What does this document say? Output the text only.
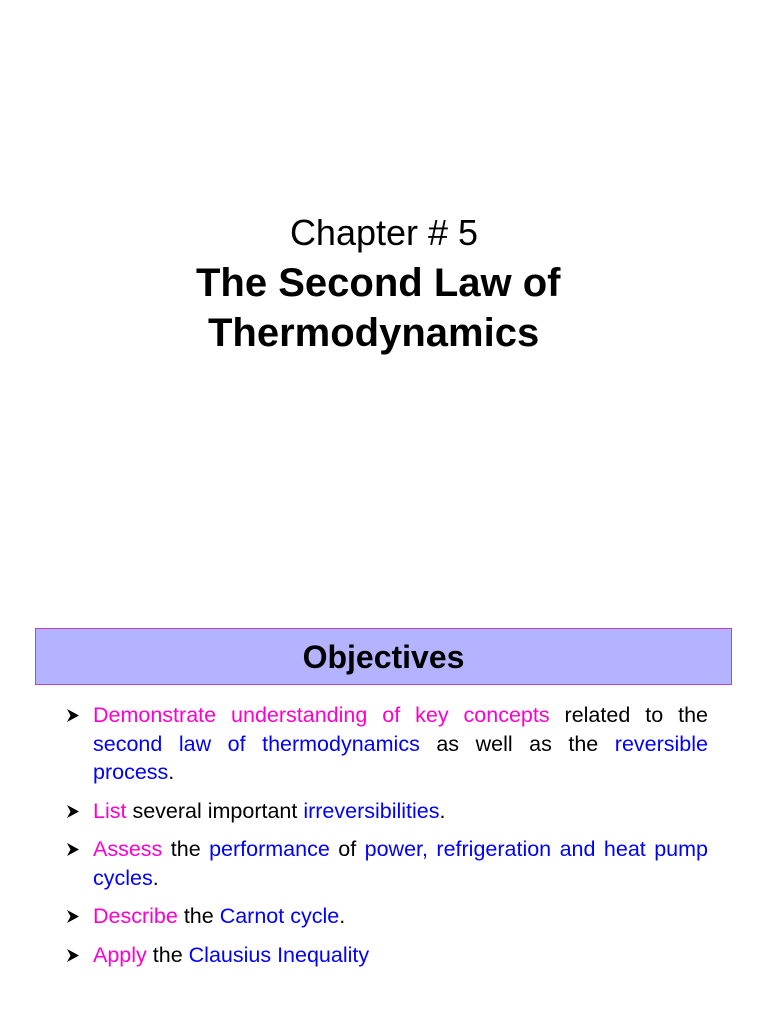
Chapter # 5
The Second Law of
Thermodynamics
Objectives
Demonstrate understanding of key concepts related to the second law of thermodynamics as well as the reversible process.
List several important irreversibilities.
Assess the performance of power, refrigeration and heat pump cycles.
Describe the Carnot cycle.
Apply the Clausius Inequality
